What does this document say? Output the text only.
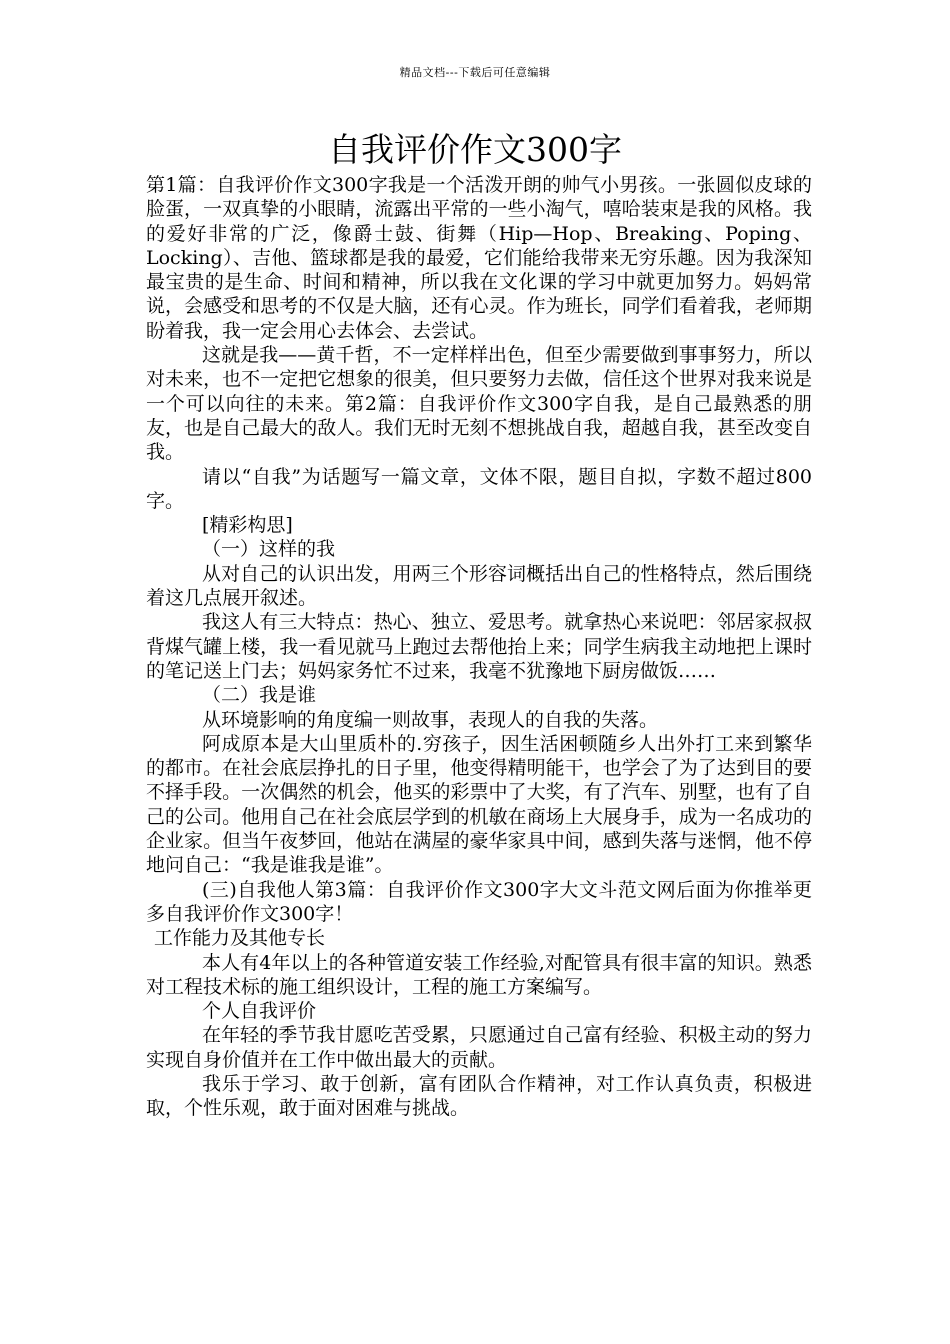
精品文档---下载后可任意编辑
自我评价作文300字

第1篇：自我评价作文300字我是一个活泼开朗的帅气小男孩。一张圆似皮球的脸蛋，一双真挚的小眼睛，流露出平常的一些小淘气，嘻哈装束是我的风格。我的爱好非常的广泛，像爵士鼓、街舞（Hip—Hop、Breaking、Poping、Locking）、吉他、篮球都是我的最爱，它们能给我带来无穷乐趣。因为我深知最宝贵的是生命、时间和精神，所以我在文化课的学习中就更加努力。妈妈常说，会感受和思考的不仅是大脑，还有心灵。作为班长，同学们看着我，老师期盼着我，我一定会用心去体会、去尝试。

这就是我——黄千哲，不一定样样出色，但至少需要做到事事努力，所以对未来，也不一定把它想象的很美，但只要努力去做，信任这个世界对我来说是一个可以向往的未来。第2篇：自我评价作文300字自我，是自己最熟悉的朋友，也是自己最大的敌人。我们无时无刻不想挑战自我，超越自我，甚至改变自我。

请以“自我”为话题写一篇文章，文体不限，题目自拟，字数不超过800字。

[精彩构思]

（一）这样的我

从对自己的认识出发，用两三个形容词概括出自己的性格特点，然后围绕着这几点展开叙述。

我这人有三大特点：热心、独立、爱思考。就拿热心来说吧：邻居家叔叔背煤气罐上楼，我一看见就马上跑过去帮他抬上来；同学生病我主动地把上课时的笔记送上门去；妈妈家务忙不过来，我毫不犹豫地下厨房做饭……

（二）我是谁

从环境影响的角度编一则故事，表现人的自我的失落。

阿成原本是大山里质朴的.穷孩子，因生活困顿随乡人出外打工来到繁华的都市。在社会底层挣扎的日子里，他变得精明能干，也学会了为了达到目的要不择手段。一次偶然的机会，他买的彩票中了大奖，有了汽车、别墅，也有了自己的公司。他用自己在社会底层学到的机敏在商场上大展身手，成为一名成功的企业家。但当午夜梦回，他站在满屋的豪华家具中间，感到失落与迷惘，他不停地问自己：“我是谁我是谁”。

(三)自我他人第3篇：自我评价作文300字大文斗范文网后面为你推举更多自我评价作文300字！

工作能力及其他专长

本人有4年以上的各种管道安装工作经验,对配管具有很丰富的知识。熟悉对工程技术标的施工组织设计，工程的施工方案编写。

个人自我评价

在年轻的季节我甘愿吃苦受累，只愿通过自己富有经验、积极主动的努力实现自身价值并在工作中做出最大的贡献。

我乐于学习、敢于创新，富有团队合作精神，对工作认真负责，积极进取，个性乐观，敢于面对困难与挑战。
